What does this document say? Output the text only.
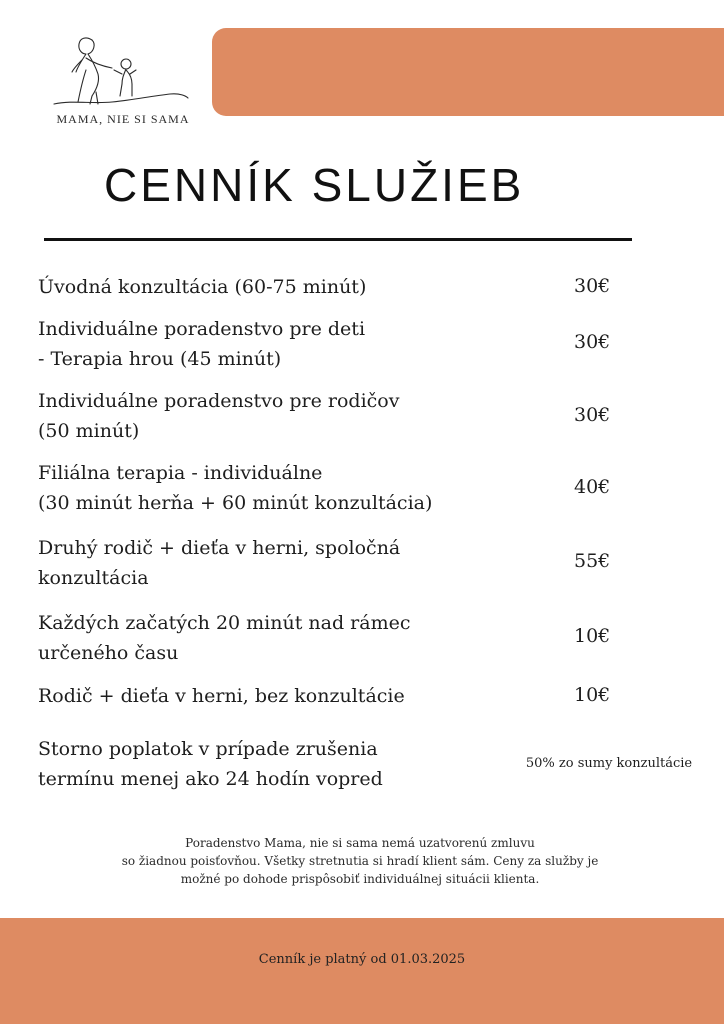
MAMA, NIE SI SAMA
CENNÍK SLUŽIEB
Úvodná konzultácia (60-75 minút)	30€
Individuálne poradenstvo pre deti
- Terapia hrou (45 minút)
30€
Individuálne poradenstvo pre rodičov
(50 minút)
30€
Filiálna terapia - individuálne
(30 minút herňa + 60 minút konzultácia)
40€
Druhý rodič + dieťa v herni, spoločná
konzultácia
55€
Každých začatých 20 minút nad rámec
určeného času
10€
Rodič + dieťa v herni, bez konzultácie	10€
Storno poplatok v prípade zrušenia
termínu menej ako 24 hodín vopred
50% zo sumy konzultácie
Poradenstvo Mama, nie si sama nemá uzatvorenú zmluvu
so žiadnou poisťovňou. Všetky stretnutia si hradí klient sám. Ceny za služby je
možné po dohode prispôsobiť individuálnej situácii klienta.
Cenník je platný od 01.03.2025
